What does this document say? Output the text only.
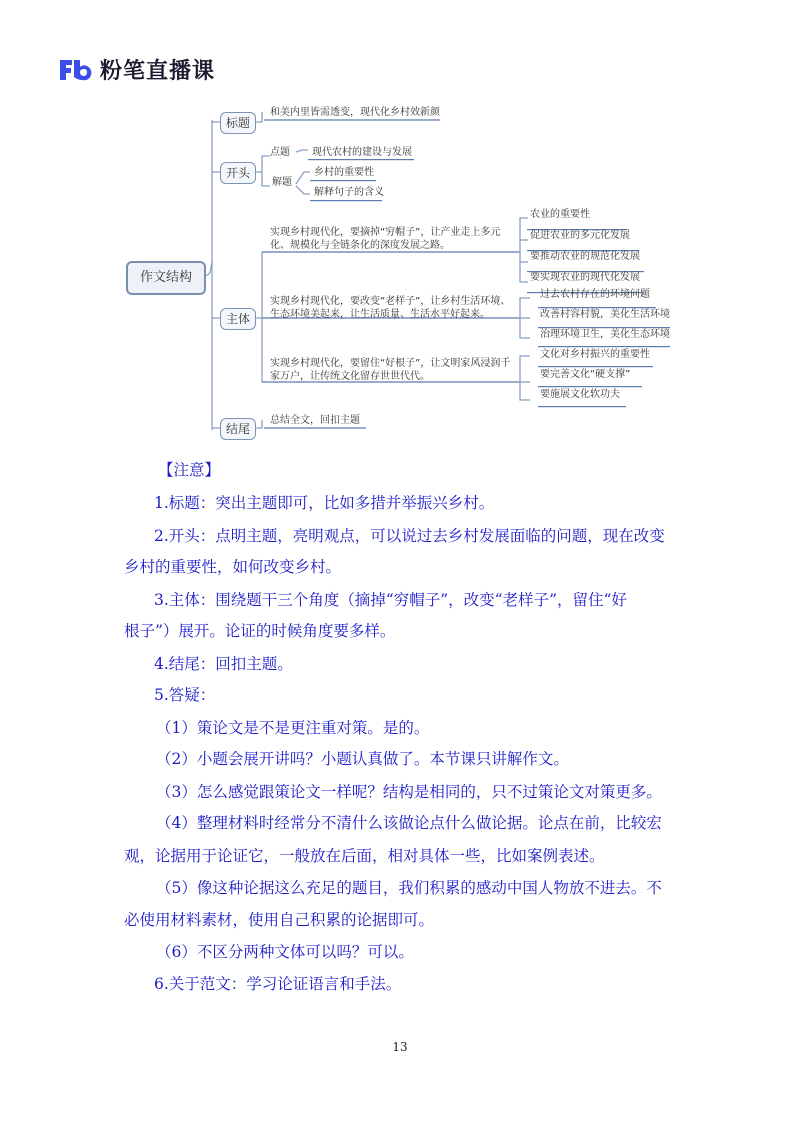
粉笔直播课
作文结构
标题
开头
主体
结尾
和美内里皆需透变，现代化乡村效新颜
点题 现代农村的建设与发展
解题
乡村的重要性
解释句子的含义
实现乡村现代化，要摘掉“穷帽子”，让产业走上多元
化、规模化与全链条化的深度发展之路。
农业的重要性
促进农业的多元化发展
要推动农业的规范化发展
要实现农业的现代化发展
实现乡村现代化，要改变“老样子”，让乡村生活环境、
生态环境美起来，让生活质量、生活水平好起来。
过去农村存在的环境问题
改善村容村貌，美化生活环境
治理环境卫生，美化生态环境
实现乡村现代化，要留住“好根子”，让文明家风浸润千
家万户，让传统文化留存世世代代。
文化对乡村振兴的重要性
要完善文化“硬支撑”
要施展文化软功夫
总结全文，回扣主题
【注意】
1.标题：突出主题即可，比如多措并举振兴乡村。
2.开头：点明主题，亮明观点，可以说过去乡村发展面临的问题，现在改变
乡村的重要性，如何改变乡村。
3.主体：围绕题干三个角度（摘掉“穷帽子”，改变“老样子”，留住“好
根子”）展开。论证的时候角度要多样。
4.结尾：回扣主题。
5.答疑：
（1）策论文是不是更注重对策。是的。
（2）小题会展开讲吗？小题认真做了。本节课只讲解作文。
（3）怎么感觉跟策论文一样呢？结构是相同的，只不过策论文对策更多。
（4）整理材料时经常分不清什么该做论点什么做论据。论点在前，比较宏
观，论据用于论证它，一般放在后面，相对具体一些，比如案例表述。
（5）像这种论据这么充足的题目，我们积累的感动中国人物放不进去。不
必使用材料素材，使用自己积累的论据即可。
（6）不区分两种文体可以吗？可以。
6.关于范文：学习论证语言和手法。
13
